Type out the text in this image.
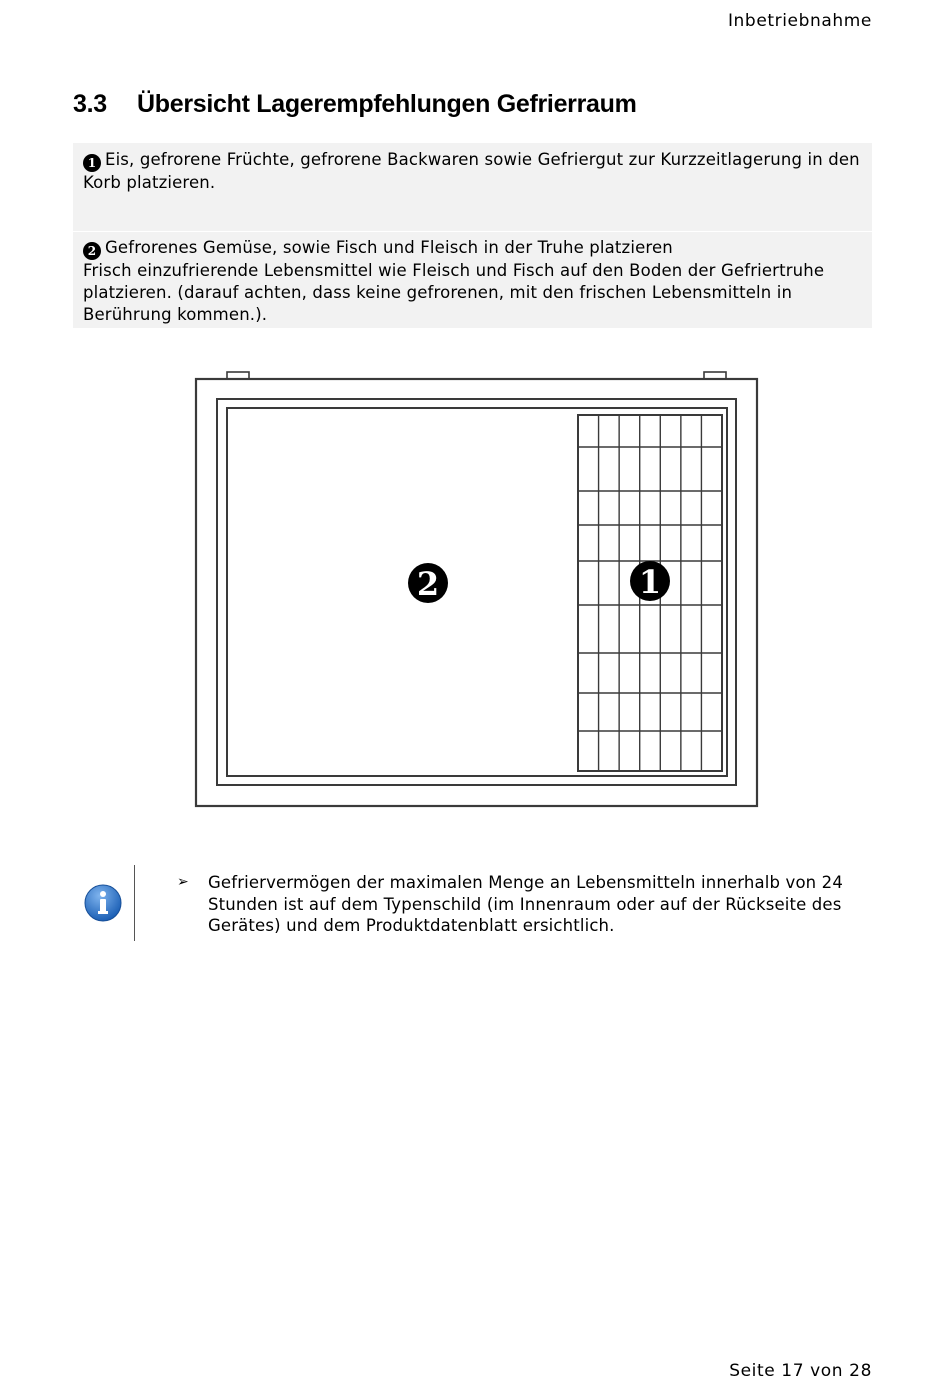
Inbetriebnahme
3.3 Übersicht Lagerempfehlungen Gefrierraum
1 Eis, gefrorene Früchte, gefrorene Backwaren sowie Gefriergut zur Kurzzeitlagerung in den Korb platzieren.
2 Gefrorenes Gemüse, sowie Fisch und Fleisch in der Truhe platzieren
Frisch einzufrierende Lebensmittel wie Fleisch und Fisch auf den Boden der Gefriertruhe platzieren. (darauf achten, dass keine gefrorenen, mit den frischen Lebensmitteln in Berührung kommen.).
1
2
➢ Gefriervermögen der maximalen Menge an Lebensmitteln innerhalb von 24 Stunden ist auf dem Typenschild (im Innenraum oder auf der Rückseite des Gerätes) und dem Produktdatenblatt ersichtlich.
Seite 17 von 28
